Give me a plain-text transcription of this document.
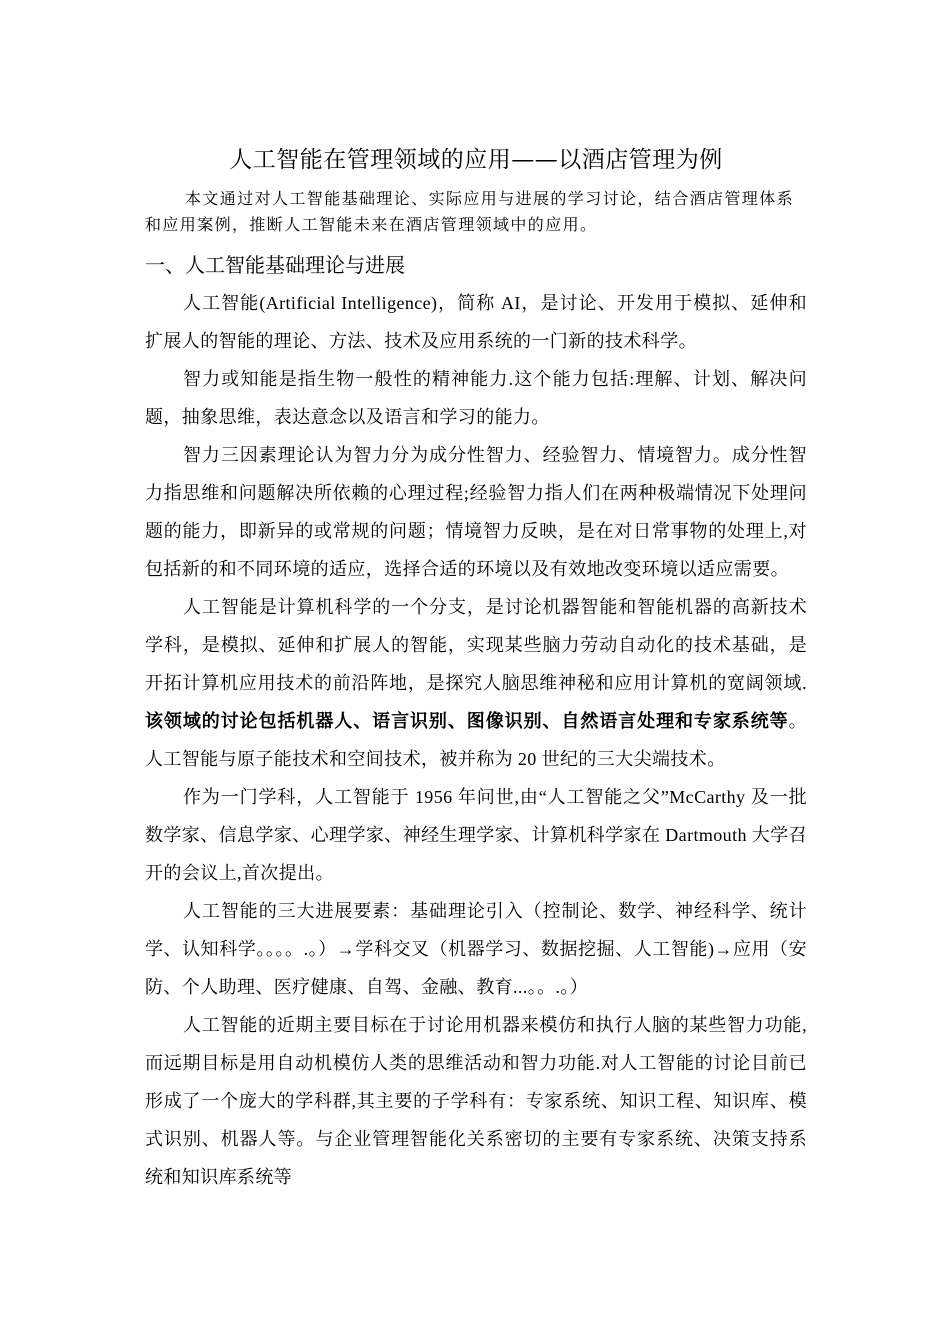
人工智能在管理领域的应用——以酒店管理为例

本文通过对人工智能基础理论、实际应用与进展的学习讨论，结合酒店管理体系和应用案例，推断人工智能未来在酒店管理领域中的应用。

一、人工智能基础理论与进展

人工智能(Artificial Intelligence)，简称 AI，是讨论、开发用于模拟、延伸和扩展人的智能的理论、方法、技术及应用系统的一门新的技术科学。

智力或知能是指生物一般性的精神能力.这个能力包括:理解、计划、解决问题，抽象思维，表达意念以及语言和学习的能力。

智力三因素理论认为智力分为成分性智力、经验智力、情境智力。成分性智力指思维和问题解决所依赖的心理过程;经验智力指人们在两种极端情况下处理问题的能力，即新异的或常规的问题；情境智力反映，是在对日常事物的处理上,对包括新的和不同环境的适应，选择合适的环境以及有效地改变环境以适应需要。

人工智能是计算机科学的一个分支，是讨论机器智能和智能机器的高新技术学科，是模拟、延伸和扩展人的智能，实现某些脑力劳动自动化的技术基础，是开拓计算机应用技术的前沿阵地，是探究人脑思维神秘和应用计算机的宽阔领域.该领域的讨论包括机器人、语言识别、图像识别、自然语言处理和专家系统等。人工智能与原子能技术和空间技术，被并称为 20 世纪的三大尖端技术。

作为一门学科，人工智能于 1956 年问世,由“人工智能之父”McCarthy 及一批数学家、信息学家、心理学家、神经生理学家、计算机科学家在 Dartmouth 大学召开的会议上,首次提出。

人工智能的三大进展要素：基础理论引入（控制论、数学、神经科学、统计学、认知科学。。。。.。）→学科交叉（机器学习、数据挖掘、人工智能)→应用（安防、个人助理、医疗健康、自驾、金融、教育...。。.。）

人工智能的近期主要目标在于讨论用机器来模仿和执行人脑的某些智力功能,而远期目标是用自动机模仿人类的思维活动和智力功能.对人工智能的讨论目前已形成了一个庞大的学科群,其主要的子学科有：专家系统、知识工程、知识库、模式识别、机器人等。与企业管理智能化关系密切的主要有专家系统、决策支持系统和知识库系统等
